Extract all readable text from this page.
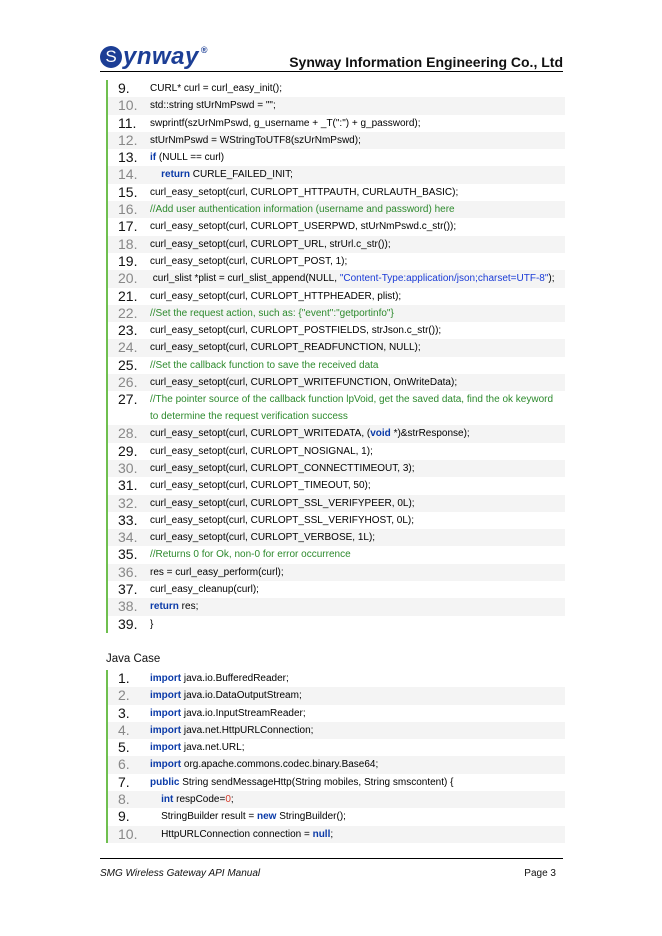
S ynway ®
Synway Information Engineering Co., Ltd
9.	CURL* curl = curl_easy_init();
10.	std::string stUrNmPswd = "";
11.	swprintf(szUrNmPswd, g_username + _T(":") + g_password);
12.	stUrNmPswd = WStringToUTF8(szUrNmPswd);
13.	if (NULL == curl)
14.	return CURLE_FAILED_INIT;
15.	curl_easy_setopt(curl, CURLOPT_HTTPAUTH, CURLAUTH_BASIC);
16.	//Add user authentication information (username and password) here
17.	curl_easy_setopt(curl, CURLOPT_USERPWD, stUrNmPswd.c_str());
18.	curl_easy_setopt(curl, CURLOPT_URL, strUrl.c_str());
19.	curl_easy_setopt(curl, CURLOPT_POST, 1);
20.	curl_slist *plist = curl_slist_append(NULL, "Content-Type:application/json;charset=UTF-8");
21.	curl_easy_setopt(curl, CURLOPT_HTTPHEADER, plist);
22.	//Set the request action, such as: {"event":"getportinfo"}
23.	curl_easy_setopt(curl, CURLOPT_POSTFIELDS, strJson.c_str());
24.	curl_easy_setopt(curl, CURLOPT_READFUNCTION, NULL);
25.	//Set the callback function to save the received data
26.	curl_easy_setopt(curl, CURLOPT_WRITEFUNCTION, OnWriteData);
27.	//The pointer source of the callback function lpVoid, get the saved data, find the ok keyword to determine the request verification success
28.	curl_easy_setopt(curl, CURLOPT_WRITEDATA, (void *)&strResponse);
29.	curl_easy_setopt(curl, CURLOPT_NOSIGNAL, 1);
30.	curl_easy_setopt(curl, CURLOPT_CONNECTTIMEOUT, 3);
31.	curl_easy_setopt(curl, CURLOPT_TIMEOUT, 50);
32.	curl_easy_setopt(curl, CURLOPT_SSL_VERIFYPEER, 0L);
33.	curl_easy_setopt(curl, CURLOPT_SSL_VERIFYHOST, 0L);
34.	curl_easy_setopt(curl, CURLOPT_VERBOSE, 1L);
35.	//Returns 0 for Ok, non-0 for error occurrence
36.	res = curl_easy_perform(curl);
37.	curl_easy_cleanup(curl);
38.	return res;
39.	}
Java Case
1.	import java.io.BufferedReader;
2.	import java.io.DataOutputStream;
3.	import java.io.InputStreamReader;
4.	import java.net.HttpURLConnection;
5.	import java.net.URL;
6.	import org.apache.commons.codec.binary.Base64;
7.	public String sendMessageHttp(String mobiles, String smscontent) {
8.	int respCode=0;
9.	StringBuilder result = new StringBuilder();
10.	HttpURLConnection connection = null;
SMG Wireless Gateway API Manual	Page 3
